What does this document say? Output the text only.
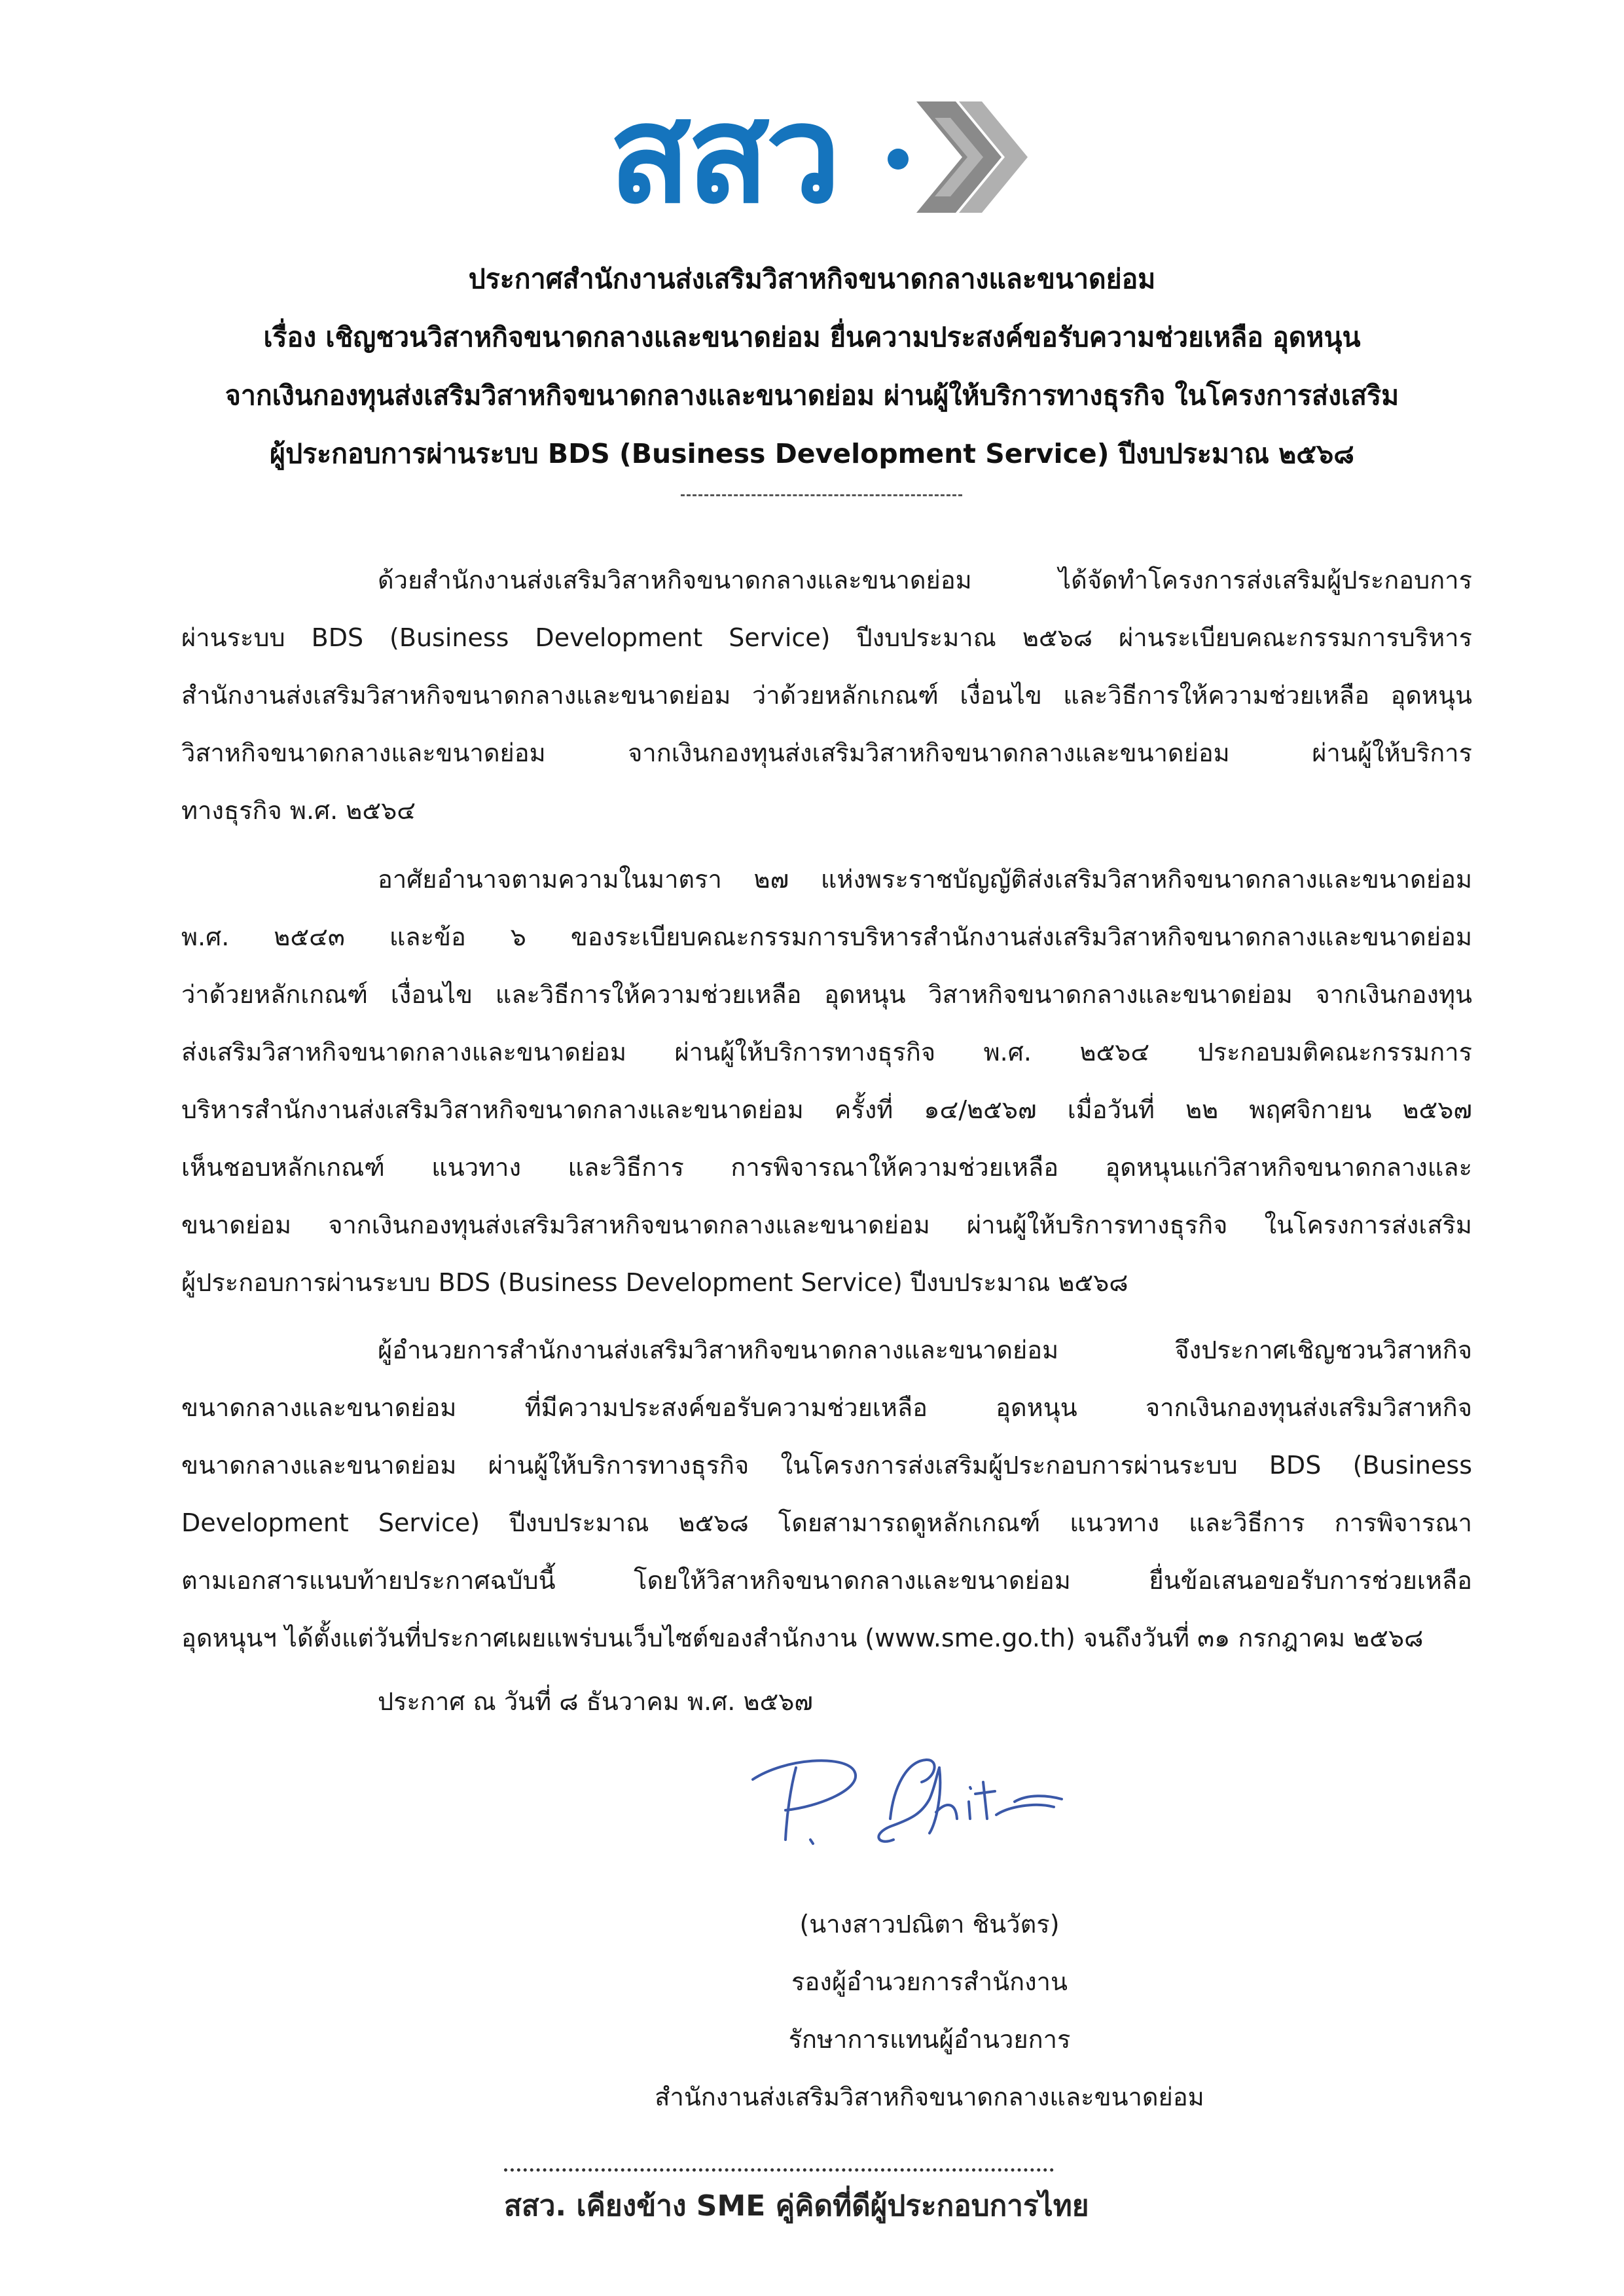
สสว
ประกาศสำนักงานส่งเสริมวิสาหกิจขนาดกลางและขนาดย่อม
เรื่อง เชิญชวนวิสาหกิจขนาดกลางและขนาดย่อม ยื่นความประสงค์ขอรับความช่วยเหลือ อุดหนุน
จากเงินกองทุนส่งเสริมวิสาหกิจขนาดกลางและขนาดย่อม ผ่านผู้ให้บริการทางธุรกิจ ในโครงการส่งเสริม
ผู้ประกอบการผ่านระบบ BDS (Business Development Service) ปีงบประมาณ ๒๕๖๘
ด้วยสำนักงานส่งเสริมวิสาหกิจขนาดกลางและขนาดย่อม ได้จัดทำโครงการส่งเสริมผู้ประกอบการ
ผ่านระบบ BDS (Business Development Service) ปีงบประมาณ ๒๕๖๘ ผ่านระเบียบคณะกรรมการบริหาร
สำนักงานส่งเสริมวิสาหกิจขนาดกลางและขนาดย่อม ว่าด้วยหลักเกณฑ์ เงื่อนไข และวิธีการให้ความช่วยเหลือ อุดหนุน
วิสาหกิจขนาดกลางและขนาดย่อม จากเงินกองทุนส่งเสริมวิสาหกิจขนาดกลางและขนาดย่อม ผ่านผู้ให้บริการ
ทางธุรกิจ พ.ศ. ๒๕๖๔
อาศัยอำนาจตามความในมาตรา ๒๗ แห่งพระราชบัญญัติส่งเสริมวิสาหกิจขนาดกลางและขนาดย่อม
พ.ศ. ๒๕๔๓ และข้อ ๖ ของระเบียบคณะกรรมการบริหารสำนักงานส่งเสริมวิสาหกิจขนาดกลางและขนาดย่อม
ว่าด้วยหลักเกณฑ์ เงื่อนไข และวิธีการให้ความช่วยเหลือ อุดหนุน วิสาหกิจขนาดกลางและขนาดย่อม จากเงินกองทุน
ส่งเสริมวิสาหกิจขนาดกลางและขนาดย่อม ผ่านผู้ให้บริการทางธุรกิจ พ.ศ. ๒๕๖๔ ประกอบมติคณะกรรมการ
บริหารสำนักงานส่งเสริมวิสาหกิจขนาดกลางและขนาดย่อม ครั้งที่ ๑๔/๒๕๖๗ เมื่อวันที่ ๒๒ พฤศจิกายน ๒๕๖๗
เห็นชอบหลักเกณฑ์ แนวทาง และวิธีการ การพิจารณาให้ความช่วยเหลือ อุดหนุนแก่วิสาหกิจขนาดกลางและ
ขนาดย่อม จากเงินกองทุนส่งเสริมวิสาหกิจขนาดกลางและขนาดย่อม ผ่านผู้ให้บริการทางธุรกิจ ในโครงการส่งเสริม
ผู้ประกอบการผ่านระบบ BDS (Business Development Service) ปีงบประมาณ ๒๕๖๘
ผู้อำนวยการสำนักงานส่งเสริมวิสาหกิจขนาดกลางและขนาดย่อม จึงประกาศเชิญชวนวิสาหกิจ
ขนาดกลางและขนาดย่อม ที่มีความประสงค์ขอรับความช่วยเหลือ อุดหนุน จากเงินกองทุนส่งเสริมวิสาหกิจ
ขนาดกลางและขนาดย่อม ผ่านผู้ให้บริการทางธุรกิจ ในโครงการส่งเสริมผู้ประกอบการผ่านระบบ BDS (Business
Development Service) ปีงบประมาณ ๒๕๖๘ โดยสามารถดูหลักเกณฑ์ แนวทาง และวิธีการ การพิจารณา
ตามเอกสารแนบท้ายประกาศฉบับนี้ โดยให้วิสาหกิจขนาดกลางและขนาดย่อม ยื่นข้อเสนอขอรับการช่วยเหลือ
อุดหนุนฯ ได้ตั้งแต่วันที่ประกาศเผยแพร่บนเว็บไซต์ของสำนักงาน (www.sme.go.th) จนถึงวันที่ ๓๑ กรกฎาคม ๒๕๖๘
ประกาศ ณ วันที่ ๘ ธันวาคม พ.ศ. ๒๕๖๗
(นางสาวปณิตา ชินวัตร)
รองผู้อำนวยการสำนักงาน
รักษาการแทนผู้อำนวยการ
สำนักงานส่งเสริมวิสาหกิจขนาดกลางและขนาดย่อม
สสว. เคียงข้าง SME คู่คิดที่ดีผู้ประกอบการไทย
